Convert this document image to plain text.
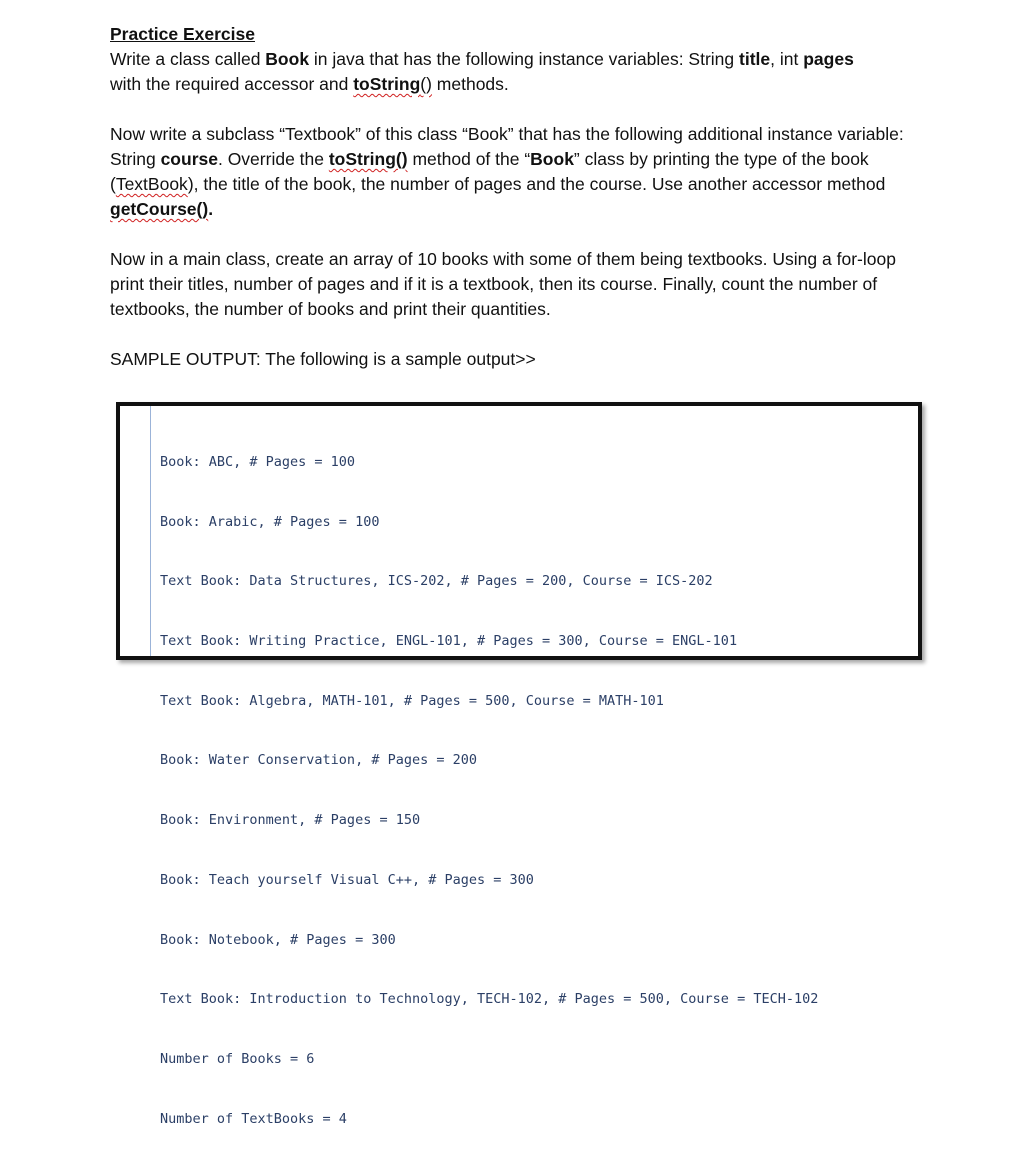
Practice Exercise

Write a class called Book in java that has the following instance variables: String title, int pages
with the required accessor and toString() methods.

Now write a subclass “Textbook” of this class “Book” that has the following additional instance variable: String course. Override the toString() method of the “Book” class by printing the type of the book (TextBook), the title of the book, the number of pages and the course. Use another accessor method getCourse().

Now in a main class, create an array of 10 books with some of them being textbooks. Using a for-loop print their titles, number of pages and if it is a textbook, then its course. Finally, count the number of textbooks, the number of books and print their quantities.

SAMPLE OUTPUT: The following is a sample output>>

Book: ABC, # Pages = 100

Book: Arabic, # Pages = 100

Text Book: Data Structures, ICS-202, # Pages = 200, Course = ICS-202

Text Book: Writing Practice, ENGL-101, # Pages = 300, Course = ENGL-101

Text Book: Algebra, MATH-101, # Pages = 500, Course = MATH-101

Book: Water Conservation, # Pages = 200

Book: Environment, # Pages = 150

Book: Teach yourself Visual C++, # Pages = 300

Book: Notebook, # Pages = 300

Text Book: Introduction to Technology, TECH-102, # Pages = 500, Course = TECH-102

Number of Books = 6

Number of TextBooks = 4
